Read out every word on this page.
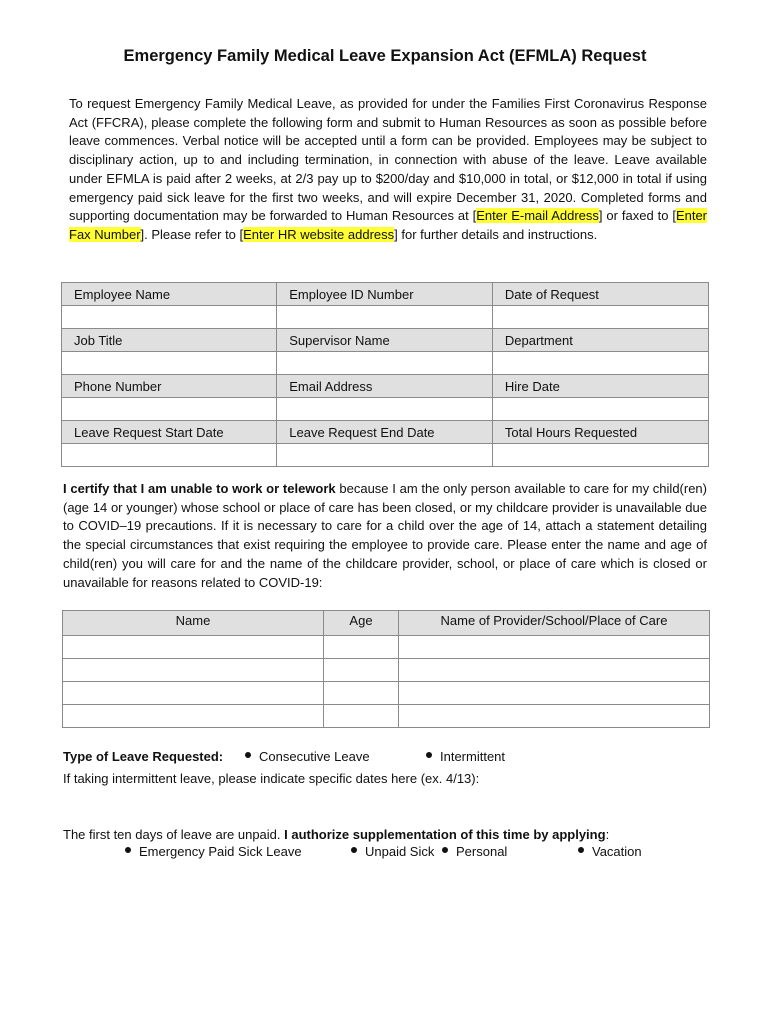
Emergency Family Medical Leave Expansion Act (EFMLA) Request
To request Emergency Family Medical Leave, as provided for under the Families First Coronavirus Response Act (FFCRA), please complete the following form and submit to Human Resources as soon as possible before leave commences. Verbal notice will be accepted until a form can be provided. Employees may be subject to disciplinary action, up to and including termination, in connection with abuse of the leave. Leave available under EFMLA is paid after 2 weeks, at 2/3 pay up to $200/day and $10,000 in total, or $12,000 in total if using emergency paid sick leave for the first two weeks, and will expire December 31, 2020. Completed forms and supporting documentation may be forwarded to Human Resources at [Enter E-mail Address] or faxed to [Enter Fax Number]. Please refer to [Enter HR website address] for further details and instructions.
Employee Name	Employee ID Number	Date of Request

Job Title	Supervisor Name	Department

Phone Number	Email Address	Hire Date

Leave Request Start Date	Leave Request End Date	Total Hours Requested

I certify that I am unable to work or telework because I am the only person available to care for my child(ren) (age 14 or younger) whose school or place of care has been closed, or my childcare provider is unavailable due to COVID–19 precautions. If it is necessary to care for a child over the age of 14, attach a statement detailing the special circumstances that exist requiring the employee to provide care. Please enter the name and age of child(ren) you will care for and the name of the childcare provider, school, or place of care which is closed or unavailable for reasons related to COVID-19:
Name	Age	Name of Provider/School/Place of Care

Type of Leave Requested:	Consecutive Leave	Intermittent
If taking intermittent leave, please indicate specific dates here (ex. 4/13):
The first ten days of leave are unpaid. I authorize supplementation of this time by applying:
Emergency Paid Sick Leave	Unpaid Sick	Personal	Vacation
